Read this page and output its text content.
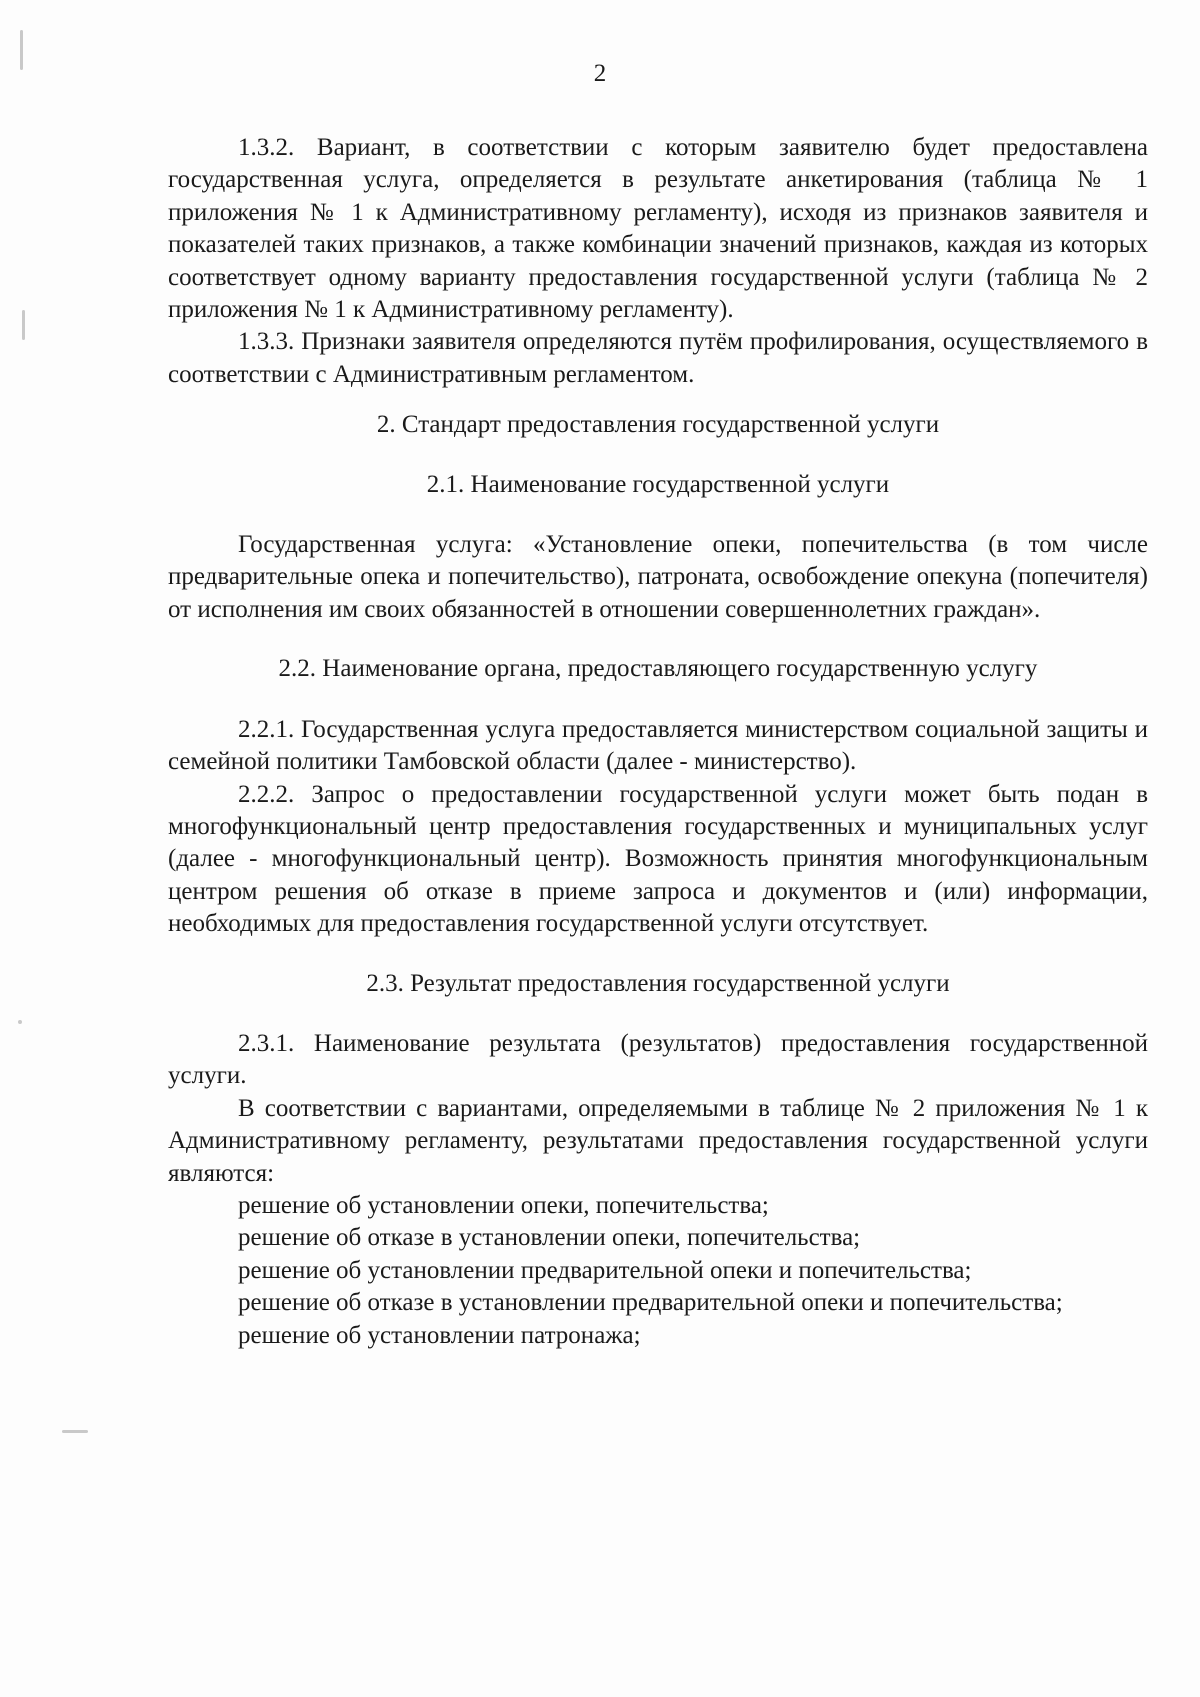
2

1.3.2. Вариант, в соответствии с которым заявителю будет предоставлена государственная услуга, определяется в результате анкетирования (таблица № 1 приложения № 1 к Административному регламенту), исходя из признаков заявителя и показателей таких признаков, а также комбинации значений признаков, каждая из которых соответствует одному варианту предоставления государственной услуги (таблица № 2 приложения № 1 к Административному регламенту).

1.3.3. Признаки заявителя определяются путём профилирования, осуществляемого в соответствии с Административным регламентом.

2. Стандарт предоставления государственной услуги

2.1. Наименование государственной услуги

Государственная услуга: «Установление опеки, попечительства (в том числе предварительные опека и попечительство), патроната, освобождение опекуна (попечителя) от исполнения им своих обязанностей в отношении совершеннолетних граждан».

2.2. Наименование органа, предоставляющего государственную услугу

2.2.1. Государственная услуга предоставляется министерством социальной защиты и семейной политики Тамбовской области (далее - министерство).

2.2.2. Запрос о предоставлении государственной услуги может быть подан в многофункциональный центр предоставления государственных и муниципальных услуг (далее - многофункциональный центр). Возможность принятия многофункциональным центром решения об отказе в приеме запроса и документов и (или) информации, необходимых для предоставления государственной услуги отсутствует.

2.3. Результат предоставления государственной услуги

2.3.1. Наименование результата (результатов) предоставления государственной услуги.

В соответствии с вариантами, определяемыми в таблице № 2 приложения № 1 к Административному регламенту, результатами предоставления государственной услуги являются:

решение об установлении опеки, попечительства;

решение об отказе в установлении опеки, попечительства;

решение об установлении предварительной опеки и попечительства;

решение об отказе в установлении предварительной опеки и попечительства;

решение об установлении патронажа;
